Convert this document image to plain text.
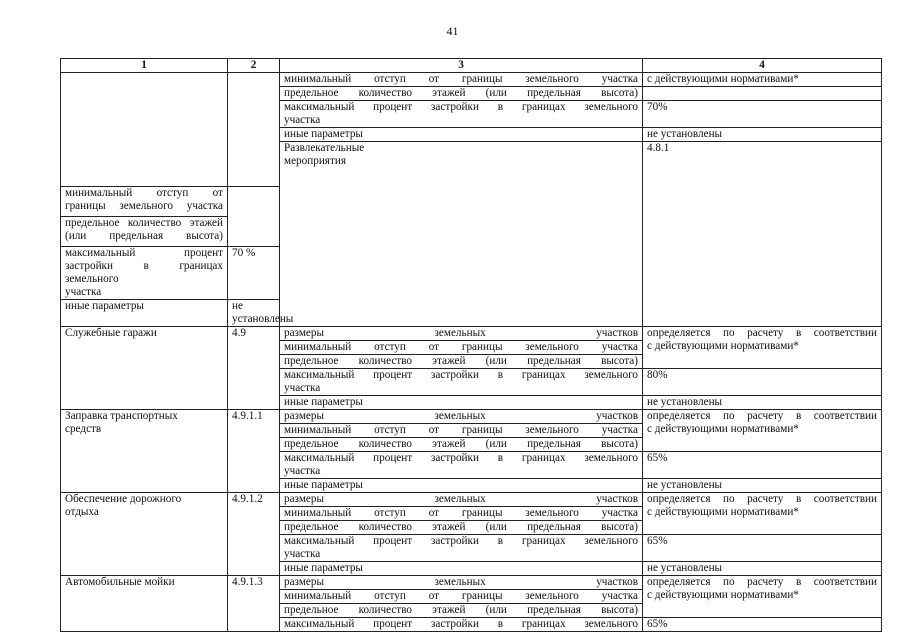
41
1	2	3	4	
		минимальный отступ от границы земельного участка	с действующими нормативами*	
		предельное количество этажей (или предельная высота)		

		максимальный процент застройки в границах земельного
участка	70%	
		иные параметры	не установлены	

		Развлекательные
мероприятия	4.8.1		

минимальный отступ от границы земельного участка				
предельное количество этажей (или предельная высота)				

максимальный процент застройки в границах земельного
участка	70 %			
иные параметры	не установлены			

Служебные гаражи	4.9	размеры земельных участков	определяется по расчету в соответствии
с действующими нормативами*	

		минимальный отступ от границы земельного участка		
		предельное количество этажей (или предельная высота)		

		максимальный процент застройки в границах земельного
участка	80%	
		иные параметры	не установлены	

Заправка транспортных
средств	4.9.1.1	размеры земельных участков	определяется по расчету в соответствии
с действующими нормативами*	

		минимальный отступ от границы земельного участка		
		предельное количество этажей (или предельная высота)		

		максимальный процент застройки в границах земельного
участка	65%	
		иные параметры	не установлены	

Обеспечение дорожного
отдыха	4.9.1.2	размеры земельных участков	определяется по расчету в соответствии
с действующими нормативами*	

		минимальный отступ от границы земельного участка		
		предельное количество этажей (или предельная высота)		

		максимальный процент застройки в границах земельного
участка	65%	
		иные параметры	не установлены	

Автомобильные мойки	4.9.1.3	размеры земельных участков	определяется по расчету в соответствии
с действующими нормативами*	

		минимальный отступ от границы земельного участка		
		предельное количество этажей (или предельная высота)		
		максимальный процент застройки в границах земельного	65%	
